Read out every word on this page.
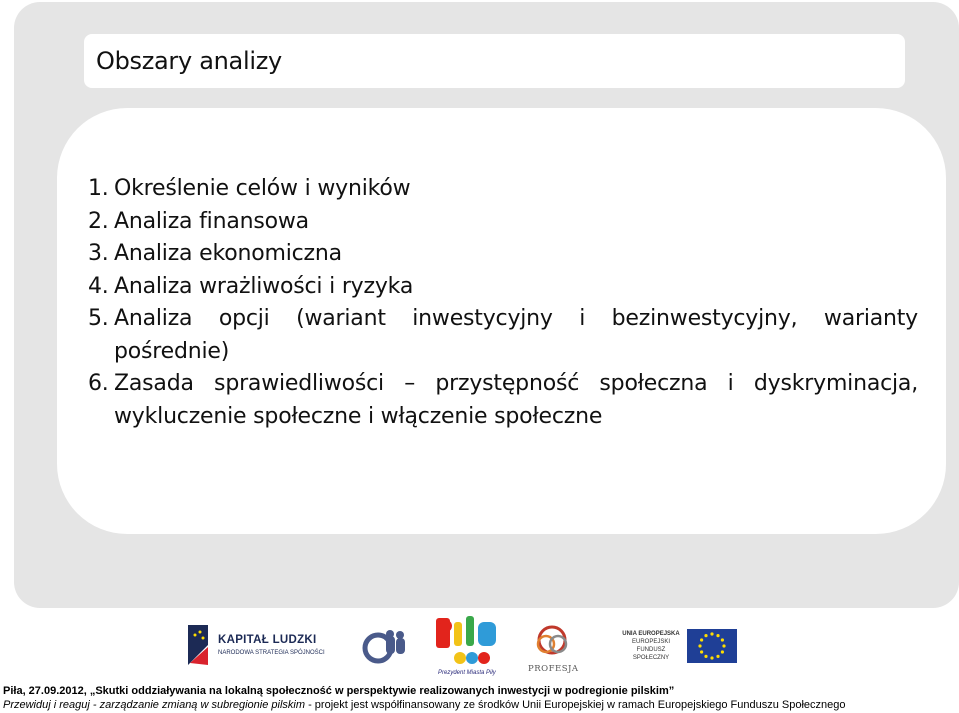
Obszary analizy
1. Określenie celów i wyników
2. Analiza finansowa
3. Analiza ekonomiczna
4. Analiza wrażliwości i ryzyka
5. Analiza opcji (wariant inwestycyjny i bezinwestycyjny, warianty pośrednie)
6. Zasada sprawiedliwości – przystępność społeczna i dyskryminacja, wykluczenie społeczne i włączenie społeczne
KAPITAŁ LUDZKI
NARODOWA STRATEGIA SPÓJNOŚCI
Prezydent Miasta Piły	PROFESJA
UNIA EUROPEJSKA
EUROPEJSKI
FUNDUSZ SPOŁECZNY
Piła, 27.09.2012, „Skutki oddziaływania na lokalną społeczność w perspektywie realizowanych inwestycji w podregionie pilskim”
Przewiduj i reaguj - zarządzanie zmianą w subregionie pilskim - projekt jest współfinansowany ze środków Unii Europejskiej w ramach Europejskiego Funduszu Społecznego
